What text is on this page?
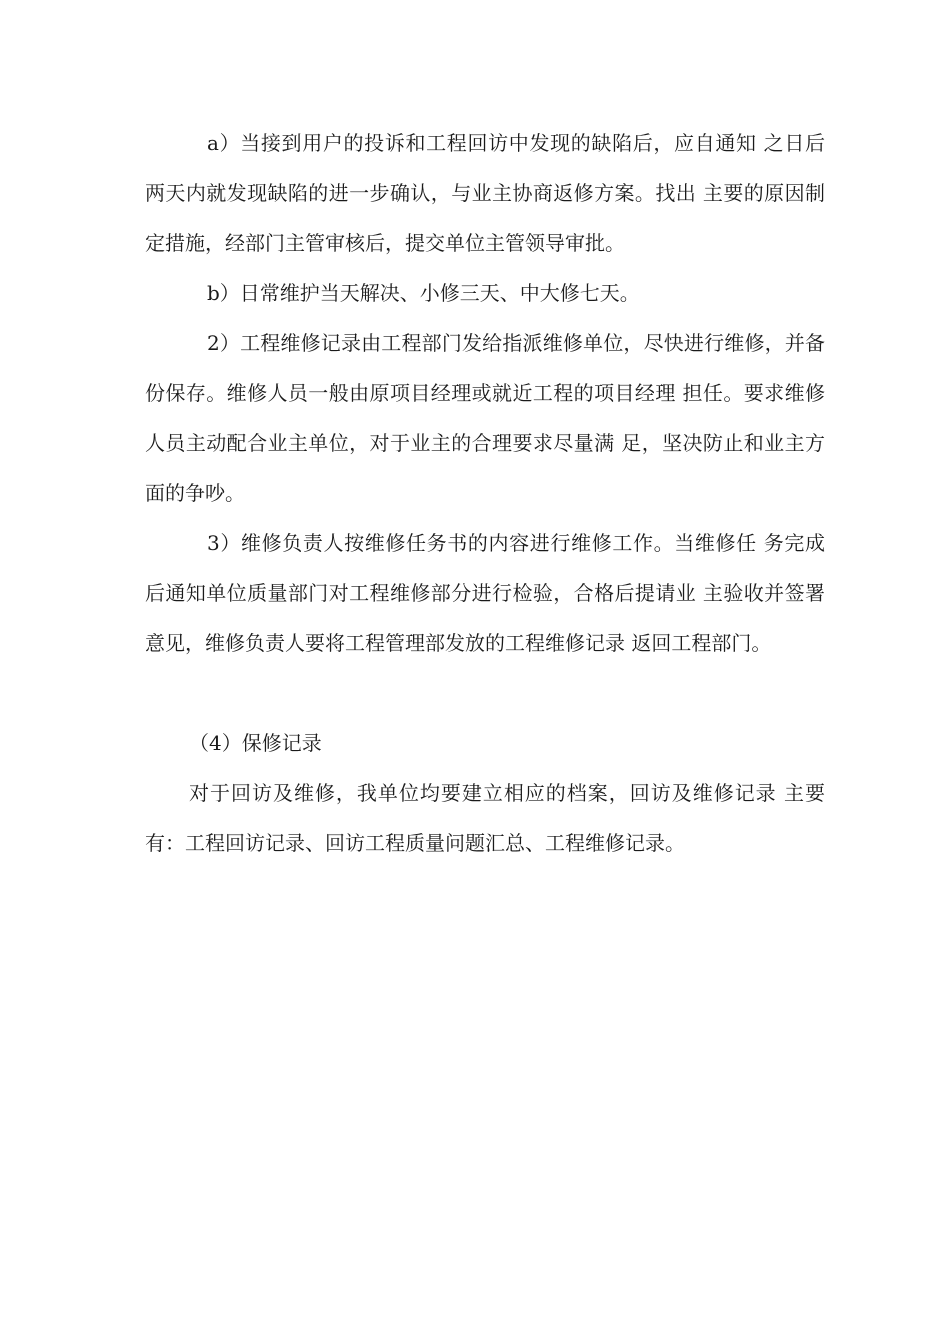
a）当接到用户的投诉和工程回访中发现的缺陷后，应自通知 之日后两天内就发现缺陷的进一步确认，与业主协商返修方案。找出 主要的原因制定措施，经部门主管审核后，提交单位主管领导审批。

b）日常维护当天解决、小修三天、中大修七天。

2）工程维修记录由工程部门发给指派维修单位，尽快进行维修，并备份保存。维修人员一般由原项目经理或就近工程的项目经理 担任。要求维修人员主动配合业主单位，对于业主的合理要求尽量满 足，坚决防止和业主方面的争吵。

3）维修负责人按维修任务书的内容进行维修工作。当维修任 务完成后通知单位质量部门对工程维修部分进行检验，合格后提请业 主验收并签署意见，维修负责人要将工程管理部发放的工程维修记录 返回工程部门。

（4）保修记录

对于回访及维修，我单位均要建立相应的档案，回访及维修记录 主要有：工程回访记录、回访工程质量问题汇总、工程维修记录。
